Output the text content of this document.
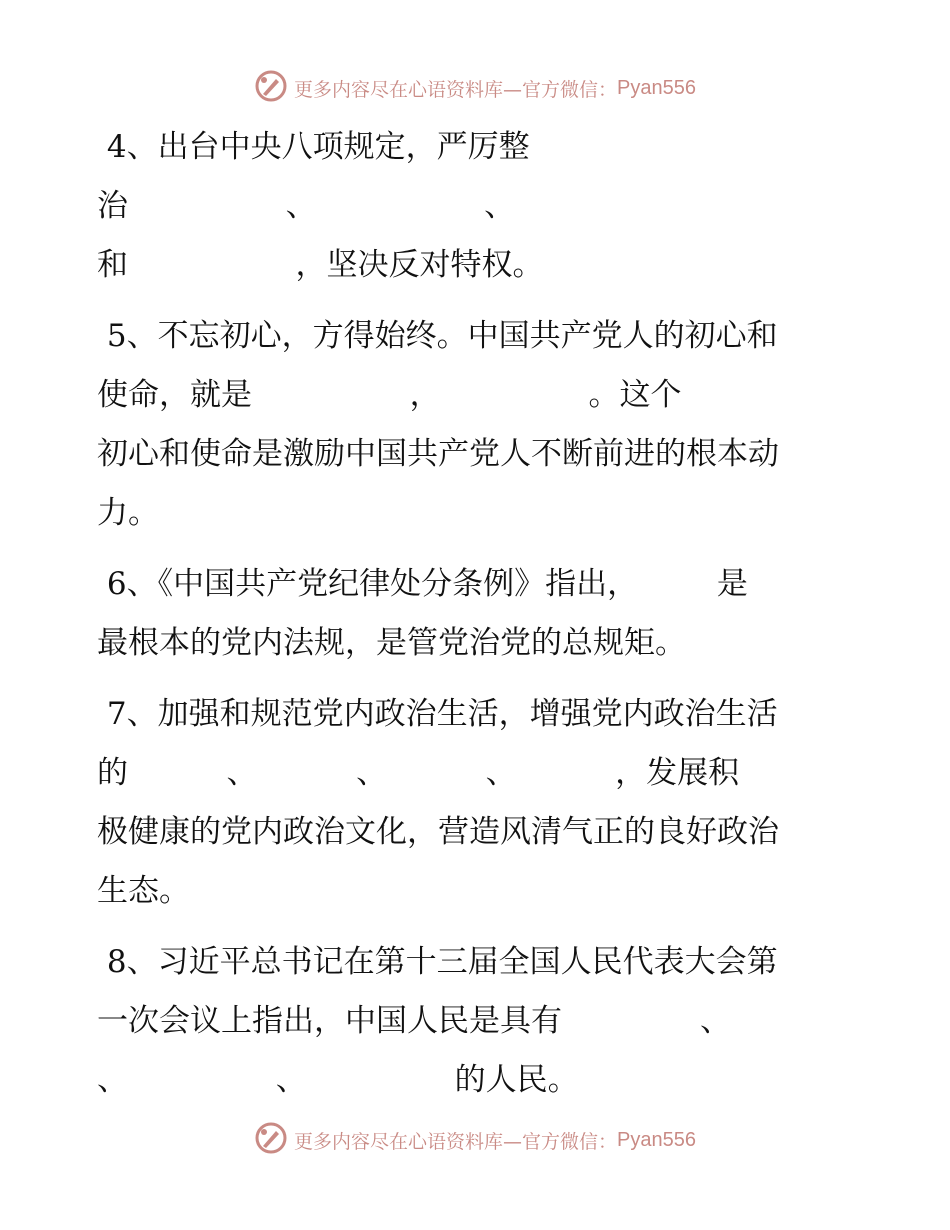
更多内容尽在心语资料库—官方微信： Pyan556
4、出台中央八项规定，严厉整
治                、                 、
和                 ，坚决反对特权。
5、不忘初心，方得始终。中国共产党人的初心和
使命，就是                ，               。这个
初心和使命是激励中国共产党人不断前进的根本动
力。
6、《中国共产党纪律处分条例》指出，        是
最根本的党内法规，是管党治党的总规矩。
7、加强和规范党内政治生活，增强党内政治生活
的          、          、          、          ，发展积
极健康的党内政治文化，营造风清气正的良好政治
生态。
8、习近平总书记在第十三届全国人民代表大会第
一次会议上指出，中国人民是具有              、
、               、               的人民。
更多内容尽在心语资料库—官方微信： Pyan556
